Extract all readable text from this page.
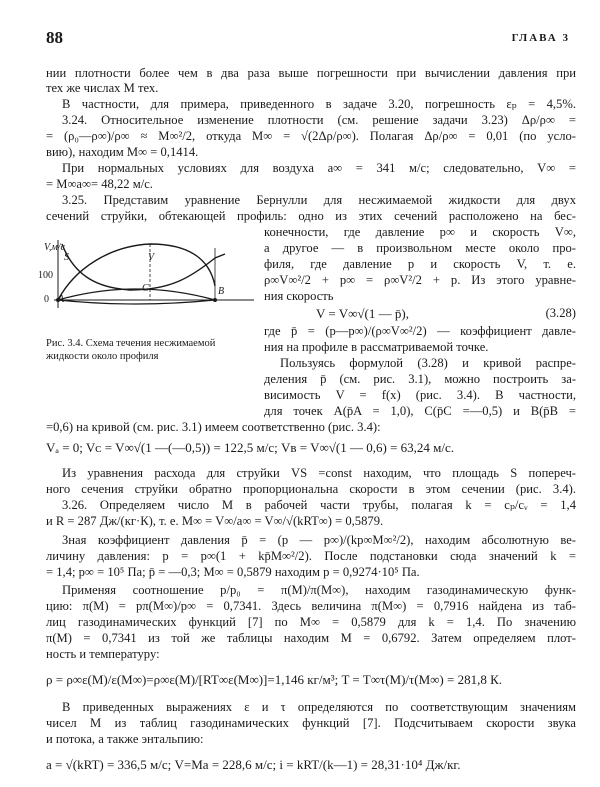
88	ГЛАВА 3
нии плотности более чем в два раза выше погрешности при вычислении давления при
тех же числах M тех.
В частности, для примера, приведенного в задаче 3.20, погрешность εₚ = 4,5%.
3.24. Относительное изменение плотности (см. решение задачи 3.23) Δρ/ρ∞ =
= (ρ₀—ρ∞)/ρ∞ ≈ M∞²/2, откуда M∞ = √(2Δρ/ρ∞). Полагая Δρ/ρ∞ = 0,01 (по усло-
вию), находим M∞ = 0,1414.
При нормальных условиях для воздуха a∞ = 341 м/с; следовательно, V∞ =
= M∞a∞= 48,22 м/с.
3.25. Представим уравнение Бернулли для несжимаемой жидкости для двух
сечений струйки, обтекающей профиль: одно из этих сечений расположено на бес-
V,м/с
S	V
100
0 A
C	B
конечности, где давление p∞ и скорость V∞,
а другое — в произвольном месте около про-
филя, где давление p и скорость V, т. е.
ρ∞V∞²/2 + p∞ = ρ∞V²/2 + p. Из этого уравне-
ния скорость
V = V∞√(1 — p̄),	(3.28)
где p̄ = (p—p∞)/(ρ∞V∞²/2) — коэффициент давле-
ния на профиле в рассматриваемой точке.
Пользуясь формулой (3.28) и кривой распре-
деления p̄ (см. рис. 3.1), можно построить за-
висимость V = f(x) (рис. 3.4). В частности,
для точек A(p̄A = 1,0), C(p̄C =—0,5) и B(p̄B =
Рис. 3.4. Схема течения несжимаемой жидкости около профиля
=0,6) на кривой (см. рис. 3.1) имеем соответственно (рис. 3.4):
Vₐ = 0; Vᴄ = V∞√(1 —(—0,5)) = 122,5 м/с; Vʙ = V∞√(1 — 0,6) = 63,24 м/с.
Из уравнения расхода для струйки VS =const находим, что площадь S попереч-
ного сечения струйки обратно пропорциональна скорости в этом сечении (рис. 3.4).
3.26. Определяем число M в рабочей части трубы, полагая k = cₚ/cᵥ = 1,4
и R = 287 Дж/(кг·К), т. е. M∞ = V∞/a∞ = V∞/√(kRT∞) = 0,5879.
Зная коэффициент давления p̄ = (p — p∞)/(kp∞M∞²/2), находим абсолютную ве-
личину давления: p = p∞(1 + kp̄M∞²/2). После подстановки сюда значений k =
= 1,4; p∞ = 10⁵ Па; p̄ = —0,3; M∞ = 0,5879 находим p = 0,9274·10⁵ Па.
Применяя соотношение p/p₀ = π(M)/π(M∞), находим газодинамическую функ-
цию: π(M) = pπ(M∞)/p∞ = 0,7341. Здесь величина π(M∞) = 0,7916 найдена из таб-
лиц газодинамических функций [7] по M∞ = 0,5879 для k = 1,4. По значению
π(M) = 0,7341 из той же таблицы находим M = 0,6792. Затем определяем плот-
ность и температуру:
ρ = ρ∞ε(M)/ε(M∞)=ρ∞ε(M)/[RT∞ε(M∞)]=1,146 кг/м³; T = T∞τ(M)/τ(M∞) = 281,8 К.
В приведенных выражениях ε и τ определяются по соответствующим значениям
чисел M из таблиц газодинамических функций [7]. Подсчитываем скорости звука
и потока, а также энтальпию:
a = √(kRT) = 336,5 м/с; V=Ma = 228,6 м/с; i = kRT/(k—1) = 28,31·10⁴ Дж/кг.
